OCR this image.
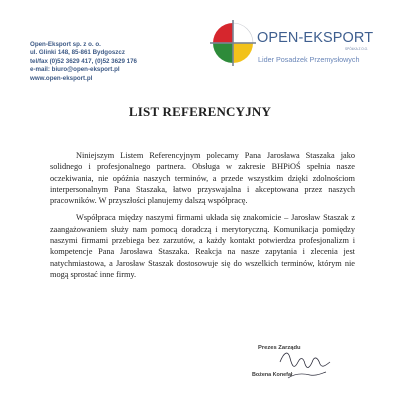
Open-Eksport sp. z o. o.
ul. Glinki 148, 85-861 Bydgoszcz
tel/fax (0)52 3629 417, (0)52 3629 176
e-mail: biuro@open-eksport.pl
www.open-eksport.pl
OPEN-EKSPORT
SPÓŁKA Z O.O.
Lider Posadzek Przemysłowych
LIST REFERENCYJNY

Niniejszym Listem Referencyjnym polecamy Pana Jarosława Staszaka jako solidnego i profesjonalnego partnera. Obsługa w zakresie BHPiOŚ spełnia nasze oczekiwania, nie opóźnia naszych terminów, a przede wszystkim dzięki zdolnościom interpersonalnym Pana Staszaka, łatwo przyswajalna i akceptowana przez naszych pracowników. W przyszłości planujemy dalszą współpracę.

Współpraca między naszymi firmami układa się znakomicie – Jarosław Staszak z zaangażowaniem służy nam pomocą doradczą i merytoryczną. Komunikacja pomiędzy naszymi firmami przebiega bez zarzutów, a każdy kontakt potwierdza profesjonalizm i kompetencje Pana Jarosława Staszaka. Reakcja na nasze zapytania i zlecenia jest natychmiastowa, a Jarosław Staszak dostosowuje się do wszelkich terminów, którym nie mogą sprostać inne firmy.

Prezes Zarządu
Bożena Konefał
